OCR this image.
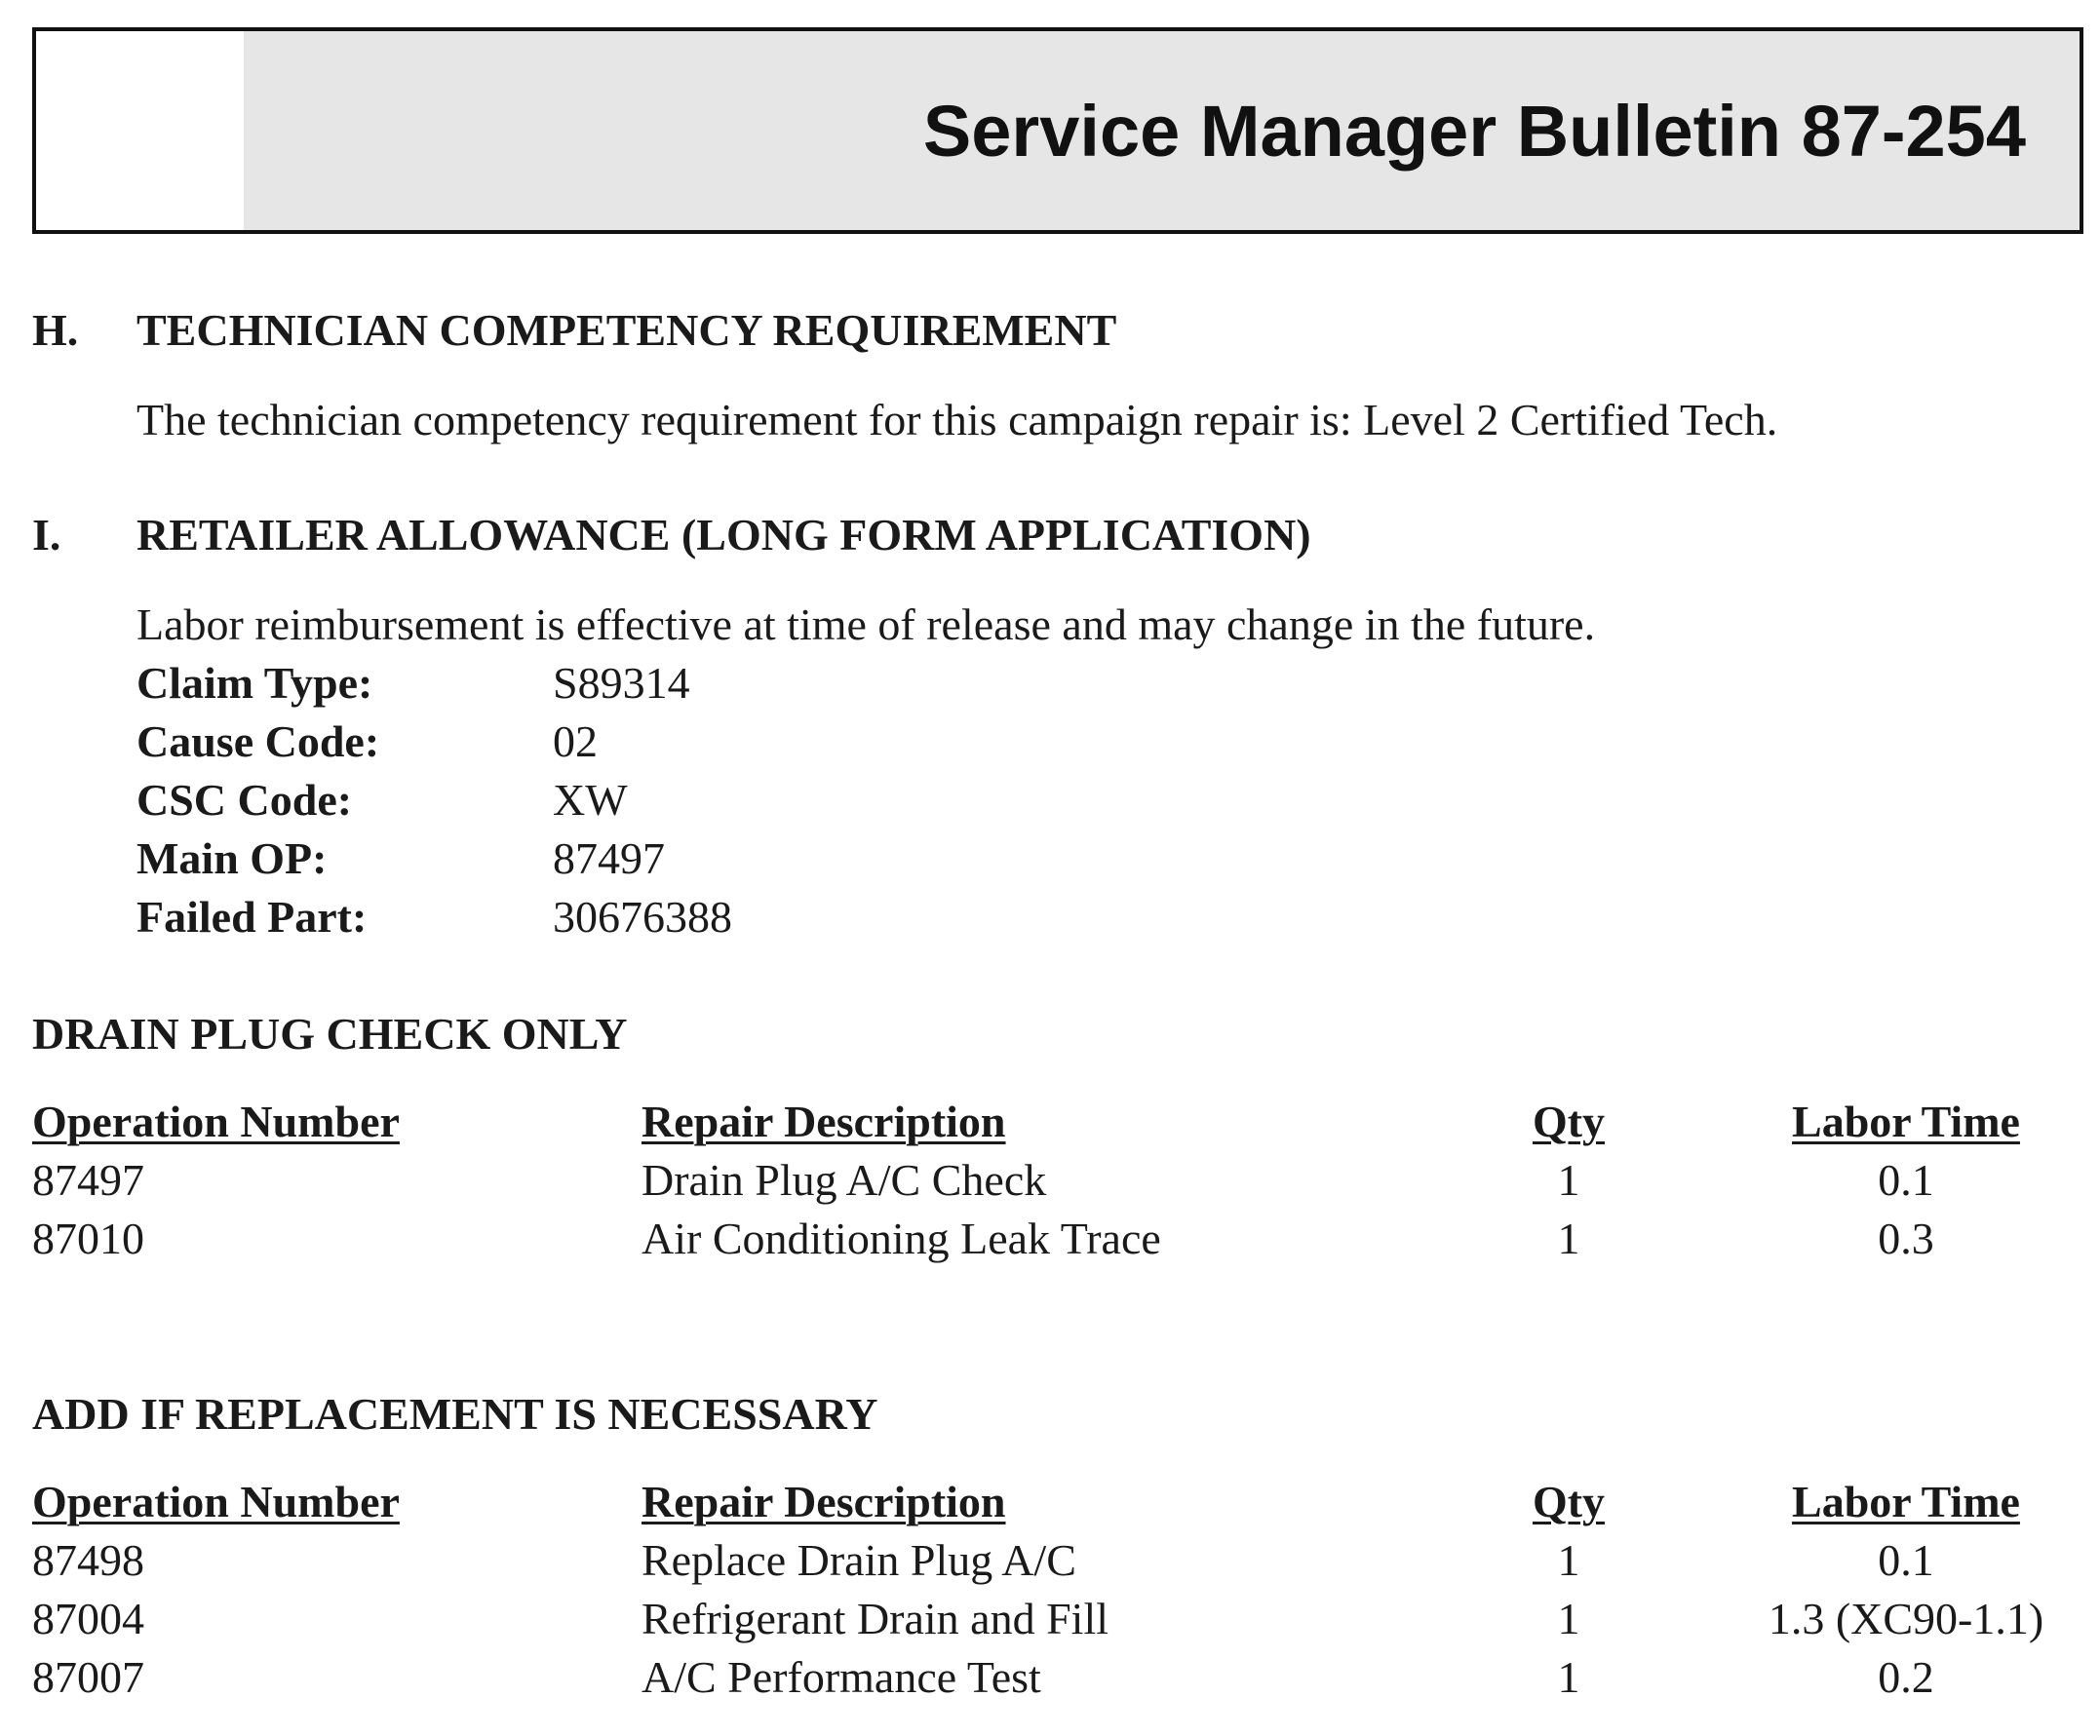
Service Manager Bulletin 87-254
H. TECHNICIAN COMPETENCY REQUIREMENT

The technician competency requirement for this campaign repair is: Level 2 Certified Tech.

I. RETAILER ALLOWANCE (LONG FORM APPLICATION)

Labor reimbursement is effective at time of release and may change in the future.

Claim Type:	S89314
Cause Code:	02
CSC Code:	XW
Main OP:	87497
Failed Part:	30676388
DRAIN PLUG CHECK ONLY
Operation Number	Repair Description	Qty	Labor Time
87497	Drain Plug A/C Check	1	0.1
87010	Air Conditioning Leak Trace	1	0.3
ADD IF REPLACEMENT IS NECESSARY
Operation Number	Repair Description	Qty	Labor Time
87498	Replace Drain Plug A/C	1	0.1
87004	Refrigerant Drain and Fill	1	1.3 (XC90-1.1)
87007	A/C Performance Test	1	0.2
